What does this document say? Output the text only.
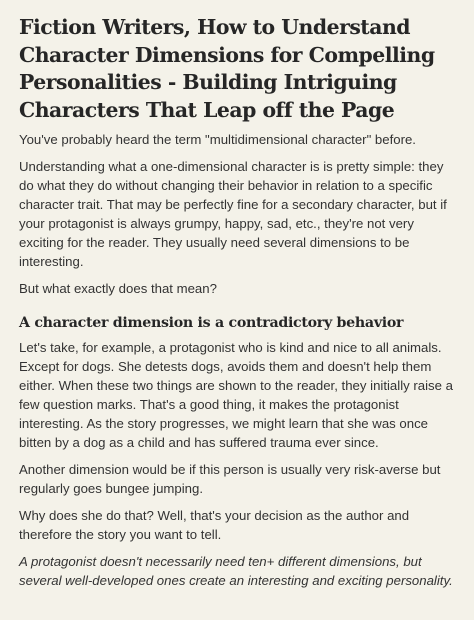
Fiction Writers, How to Understand Character Dimensions for Compelling Personalities - Building Intriguing Characters That Leap off the Page

You've probably heard the term "multidimensional character" before.

Understanding what a one-dimensional character is is pretty simple: they do what they do without changing their behavior in relation to a specific character trait. That may be perfectly fine for a secondary character, but if your protagonist is always grumpy, happy, sad, etc., they're not very exciting for the reader. They usually need several dimensions to be interesting.

But what exactly does that mean?

A character dimension is a contradictory behavior

Let's take, for example, a protagonist who is kind and nice to all animals. Except for dogs. She detests dogs, avoids them and doesn't help them either. When these two things are shown to the reader, they initially raise a few question marks. That's a good thing, it makes the protagonist interesting. As the story progresses, we might learn that she was once bitten by a dog as a child and has suffered trauma ever since.

Another dimension would be if this person is usually very risk-averse but regularly goes bungee jumping.

Why does she do that? Well, that's your decision as the author and therefore the story you want to tell.

A protagonist doesn't necessarily need ten+ different dimensions, but several well-developed ones create an interesting and exciting personality.
